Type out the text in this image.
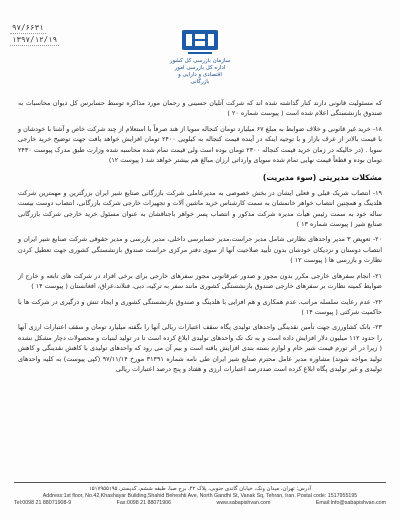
۹۷/۶۶۳۱
۱۳۹۷/۱۲/۱۹
سازمان بازرسی کل کشور
اداره کل بازرسی امور اقتصادی و دارایی و بازرگانی

که مسئولیت قانونی دارند کنار گذاشته شده اند که شرکت آتلیان حسینی و رحمان مورد مذاکره توسط حسابرس کل دیوان محاسبات به صندوق بازنشستگی اعلام شده است ( پیوست شماره ۲۰ )

۱۸- خرید غیر قانونی و خلاف ضوابط به مبلغ ۶۷ میلیارد تومان کنجاله سویا از هند صرفاً با استعلام از چند شرکت خاص و آشنا با خودشان و با قیمت بالاتر از عرف بازار و با توجیه اینکه در آینده قیمت کنجاله به کیلویی ۲۴۰۰ تومان افزایش خواهد یافت جهت توضیح خرید خارجی سویا . (در حالیکه در زمان خرید قیمت کنجاله ۲۳۰۰ تومان بوده است ولی قیمت تمام شده محاسبه شده وزارت طبق مدرک پیوست ۲۴۳۰ تومان بوده و قطعاً قیمت نهایی تمام شده سویای وارداتی ارزان مبالغ هم بیشتر خواهد شد ( پیوست ۱۲)

مشکلات مدیریتی (سوء مدیریت)

۱۹- انتصاب شریک قبلی و فعلی ایشان در بخش خصوصی به مدیرعاملی شرکت بازرگانی صنایع شیر ایران بزرگترین و مهمترین شرکت هلدینگ و همچنین انتصاب خواهر خانمشان به سمت کارشناس خرید ماشین آلات و تجهیزات خارجی شرکت بازرگانی، انتصاب دوست بیست ساله خود به سمت رئیس هیأت مدیره شرکت مذکور و انتصاب پسر خواهر باجناقشان به عنوان مسئول خرید خارجی شرکت بازرگانی صنایع شیر ( پیوست شماره ۱۳ )

۲۰- تعویض ۳ مدیر واحدهای نظارتی شامل مدیر حراست،مدیر حسابرسی داخلی، مدیر بازرسی و مدیر حقوقی شرکت صنایع شیر ایران و انتصاب دوستان و نزدیکان خودشان بدون تأیید صلاحیت آنها از سوی دفتر مرکزی حراست صندوق بازنشستگی کشوری جهت تعطیل کردن نظارت و بازرسی ها ( پیوست ۱۲ )

۲۱- انجام سفرهای خارجی مکرر بدون مجوز و صدور غیرقانونی مجوز سفرهای خارجی برای برخی افراد در شرکت های تابعه و خارج از ضوابط کمیته نظارت بر سفرهای خارجی صندوق بازنشستگی کشوری مانند سفر به ترکیه، دبی، فنلاند،عراق، افغانستان ( پیوست ۱۴ )

۲۲- عدم رعایت سلسله مراتب، عدم همکاری و هم افزایی با هلدینگ و صندوق بازنشستگی کشوری و ایجاد تنش و درگیری در شرکت ها با حاکمیت شرکتی ( پیوست ۱۴ )

۲۳- بانک کشاورزی جهت تأمین نقدینگی واحدهای تولیدی پگاه سقف اعتبارات ریالی آنها را بگفته میلیارد تومان و سقف اعتبارات ارزی آنها را حدود ۱۱۲ میلیون دلار افزایش داده است و به تک تک واحدهای تولیدی ابلاغ کرده است تا در تولید لبنیات و محصولات دچار مشکل نشده ( زیرا در اثر تورم قیمت شیر خام و لوازم بسته بندی افزایش یافته است و بیم آن می رود که واحدهای تولیدی با کاهش نقدینگی و کاهش تولید مواجه شوند) مشاوره مدیر عامل محترم صنایع شیر ایران طی نامه شماره ۳۱۳۹۱ مورخ ۹۷/۱۱/۱۴ (کپی پیوست) به کلیه واحدهای تولیدی و غیر تولیدی پگاه ابلاغ کرده است صددرصد اعتبارات ارزی و هفتاد و پنج درصد اعتبارات ریالی

آدرس: تهران، میدان ونک، خیابان گاندی جنوبی، پلاک ۴۲، برج صبا، طبقه ششم، کدپستی ۱۵۱۷۹۵۵۱۹۵
Address:1st floor, No.42,Khashayar Building,Shahid Beheshti Ave, North Gandhi St, Vanak Sq, Tehran, Iran. Postal code: 1517955195
Tel:0098 21 88071908-9	Fax:0098 21 88071906	www.sabapishvan.com	Email:Info@sabapishvan.com
